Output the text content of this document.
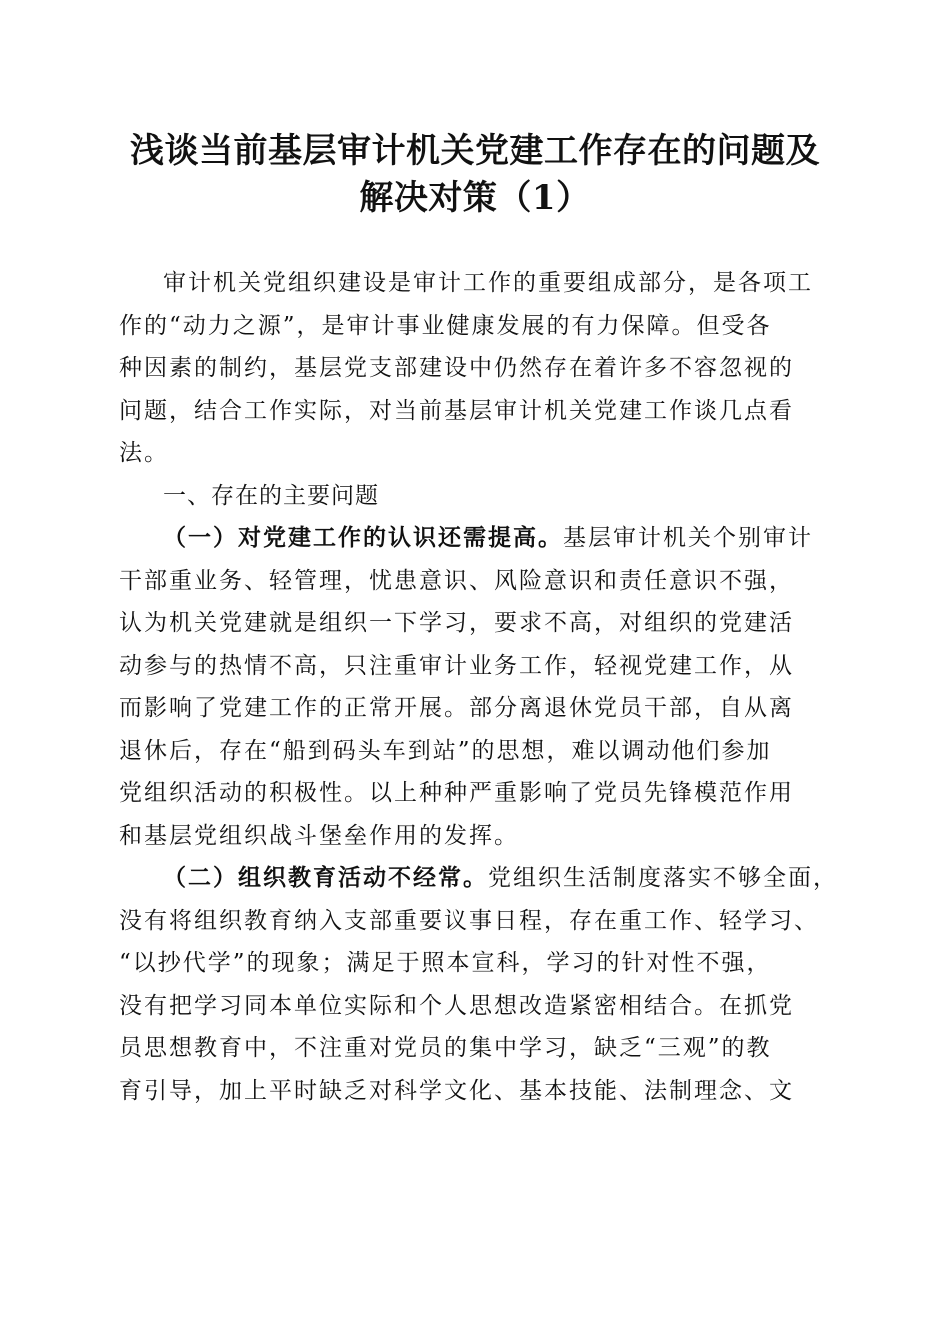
浅谈当前基层审计机关党建工作存在的问题及
解决对策（1）
审计机关党组织建设是审计工作的重要组成部分，是各项工
作的“动力之源”，是审计事业健康发展的有力保障。但受各
种因素的制约，基层党支部建设中仍然存在着许多不容忽视的
问题，结合工作实际，对当前基层审计机关党建工作谈几点看
法。
一、存在的主要问题
（一）对党建工作的认识还需提高。基层审计机关个别审计
干部重业务、轻管理，忧患意识、风险意识和责任意识不强，
认为机关党建就是组织一下学习，要求不高，对组织的党建活
动参与的热情不高，只注重审计业务工作，轻视党建工作，从
而影响了党建工作的正常开展。部分离退休党员干部，自从离
退休后，存在“船到码头车到站”的思想，难以调动他们参加
党组织活动的积极性。以上种种严重影响了党员先锋模范作用
和基层党组织战斗堡垒作用的发挥。
（二）组织教育活动不经常。党组织生活制度落实不够全面，
没有将组织教育纳入支部重要议事日程，存在重工作、轻学习、
“以抄代学”的现象；满足于照本宣科，学习的针对性不强，
没有把学习同本单位实际和个人思想改造紧密相结合。在抓党
员思想教育中，不注重对党员的集中学习，缺乏“三观”的教
育引导，加上平时缺乏对科学文化、基本技能、法制理念、文
